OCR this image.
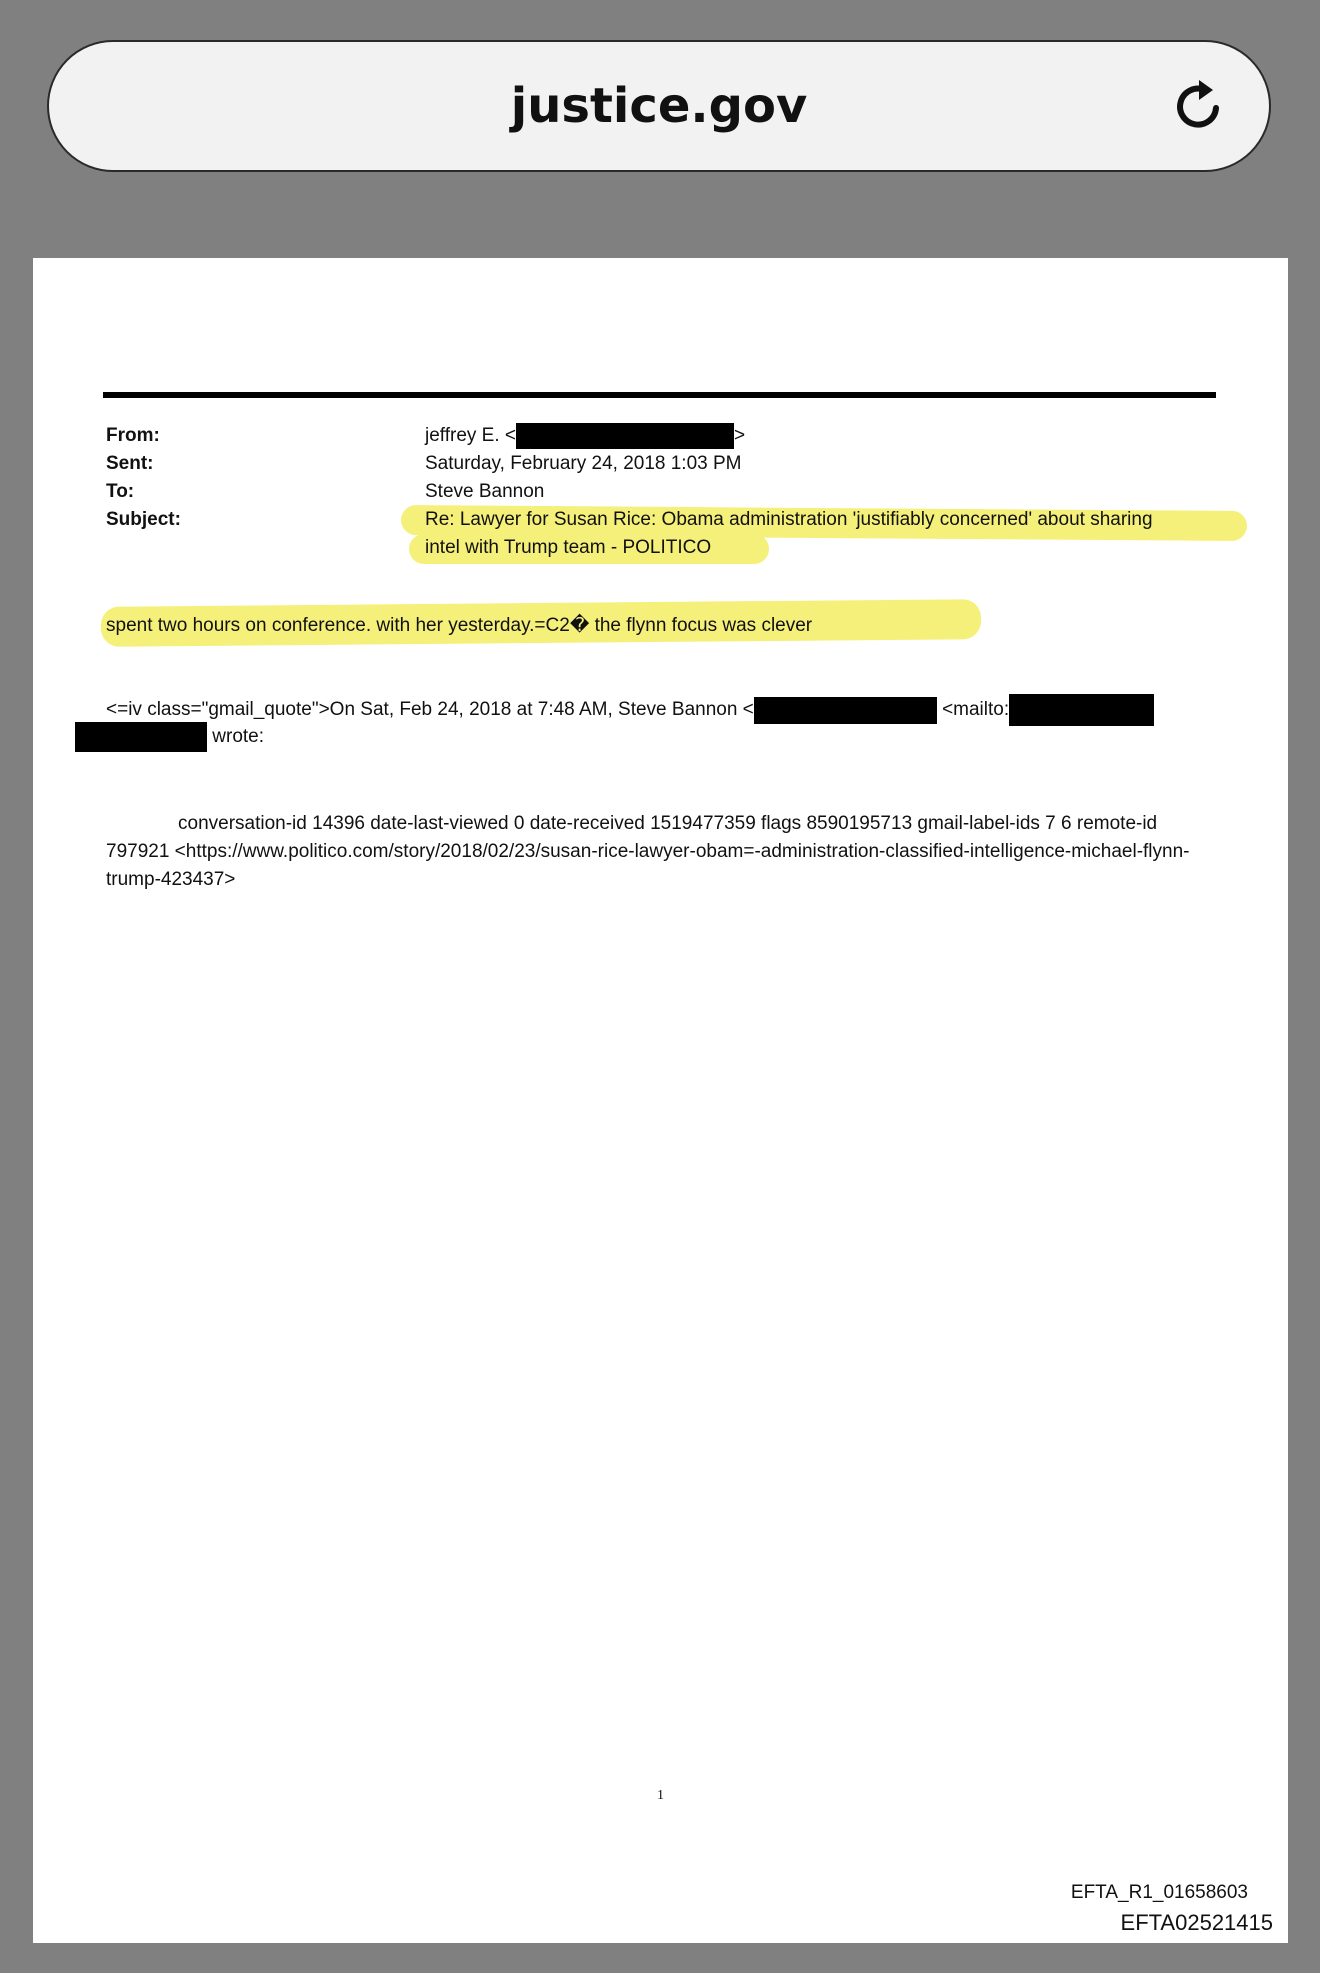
justice.gov
From:	jeffrey E. <	>
Sent:	Saturday, February 24, 2018 1:03 PM
To:	Steve Bannon
Subject:	Re: Lawyer for Susan Rice: Obama administration 'justifiably concerned' about sharing
intel with Trump team - POLITICO
spent two hours on conference. with her yesterday.=C2� the flynn focus was clever
<=iv class="gmail_quote">On Sat, Feb 24, 2018 at 7:48 AM, Steve Bannon <	<mailto:
wrote:
conversation-id 14396 date-last-viewed 0 date-received 1519477359 flags 8590195713 gmail-label-ids 7 6 remote-id 797921 <https://www.politico.com/story/2018/02/23/susan-rice-lawyer-obam=-administration-classified-intelligence-michael-flynn-trump-423437>
1
EFTA_R1_01658603
EFTA02521415
